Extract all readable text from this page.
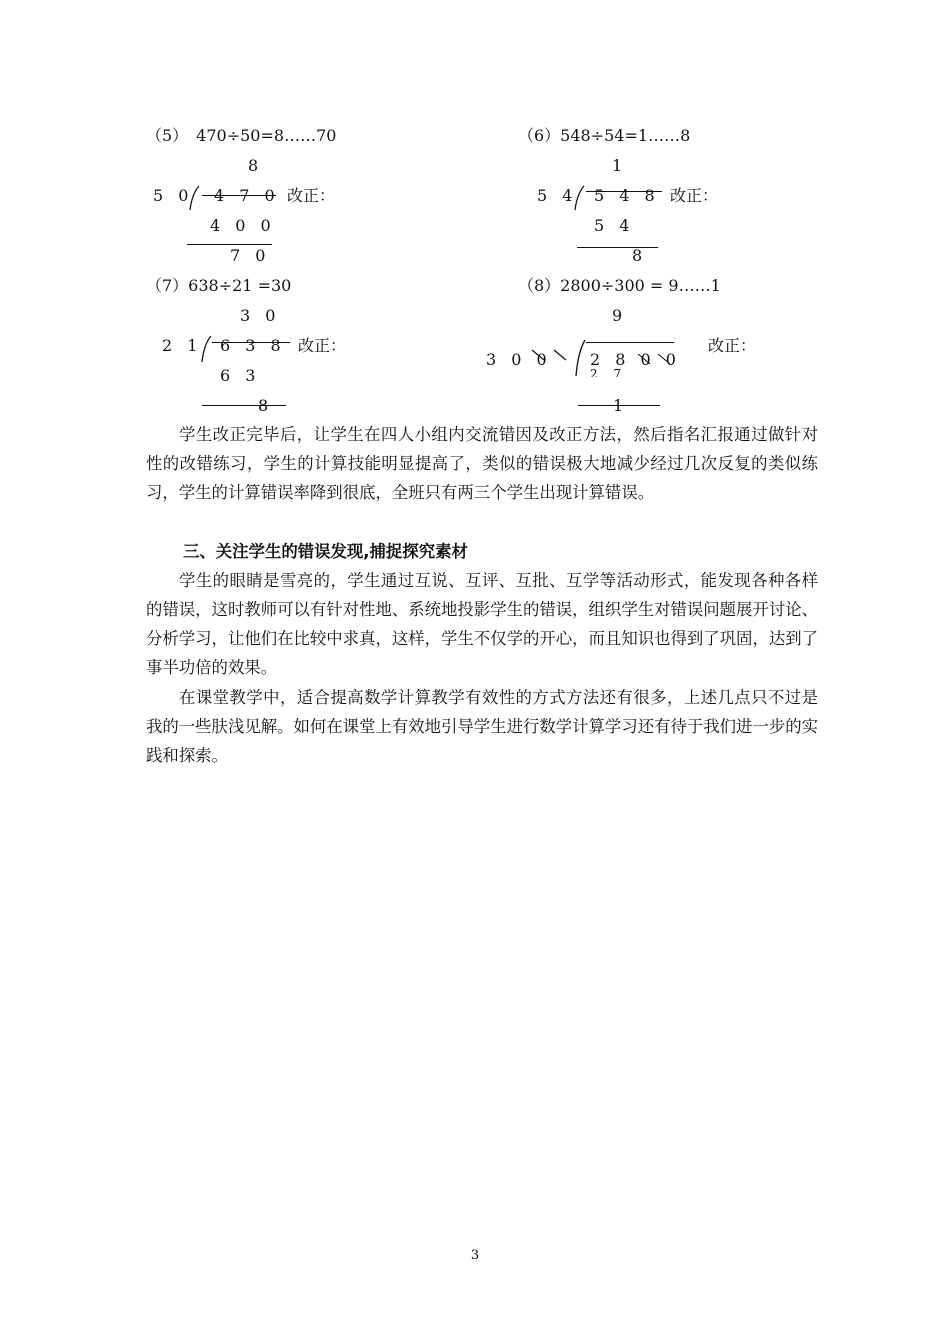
（5）　470÷50=8……70
8
5 0 4 7 0 改正：
4 0 0
7 0
（6）548÷54=1……8
1
5 4 5 4 8 改正：
5 4
8
（7）638÷21 =30
3 0
2 1 6 3 8 改正：
6 3
8
（8）2800÷300 = 9……1
9
3 0 0 2 8 0 0
改正：
2 7
1
学生改正完毕后，让学生在四人小组内交流错因及改正方法，然后指名汇报通过做针对性的改错练习，学生的计算技能明显提高了，类似的错误极大地减少经过几次反复的类似练习，学生的计算错误率降到很底，全班只有两三个学生出现计算错误。
三、关注学生的错误发现,捕捉探究素材
学生的眼睛是雪亮的，学生通过互说、互评、互批、互学等活动形式，能发现各种各样的错误，这时教师可以有针对性地、系统地投影学生的错误，组织学生对错误问题展开讨论、分析学习，让他们在比较中求真，这样，学生不仅学的开心，而且知识也得到了巩固，达到了事半功倍的效果。
在课堂教学中，适合提高数学计算教学有效性的方式方法还有很多，上述几点只不过是我的一些肤浅见解。如何在课堂上有效地引导学生进行数学计算学习还有待于我们进一步的实践和探索。
3
